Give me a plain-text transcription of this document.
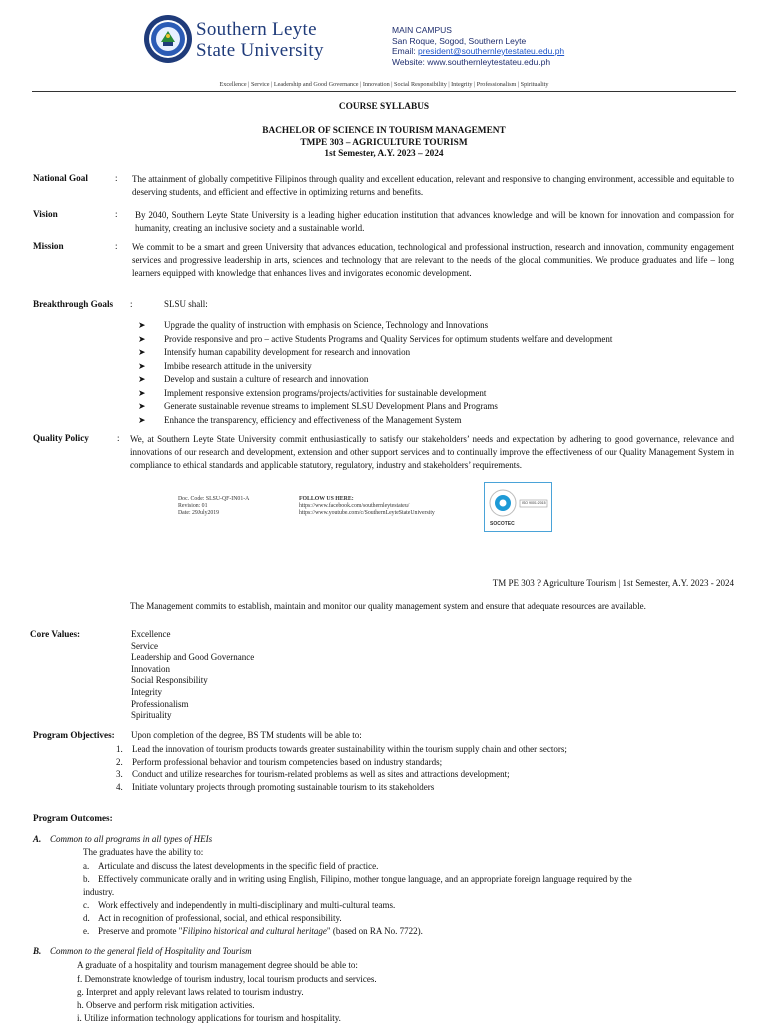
Southern Leyte
State University
MAIN CAMPUS
San Roque, Sogod, Southern Leyte
Email: president@southernleytestateu.edu.ph
Website: www.southernleytestateu.edu.ph
Excellence | Service | Leadership and Good Governance | Innovation | Social Responsibility | Integrity | Professionalism | Spirituality
COURSE SYLLABUS
BACHELOR OF SCIENCE IN TOURISM MANAGEMENT
TMPE 303 – AGRICULTURE TOURISM
1st Semester, A.Y. 2023 – 2024
National Goal	: The attainment of globally competitive Filipinos through quality and excellent education, relevant and responsive to changing environment, accessible and equitable to deserving students, and efficient and effective in optimizing returns and benefits.
Vision	: By 2040, Southern Leyte State University is a leading higher education institution that advances knowledge and will be known for innovation and compassion for humanity, creating an inclusive society and a sustainable world.
Mission	: We commit to be a smart and green University that advances education, technological and professional instruction, research and innovation, community engagement services and progressive leadership in arts, sciences and technology that are relevant to the needs of the glocal communities. We produce graduates and life – long learners equipped with knowledge that enhances lives and invigorates economic development.
Breakthrough Goals :	SLSU shall:
➤ Upgrade the quality of instruction with emphasis on Science, Technology and Innovations
➤ Provide responsive and pro – active Students Programs and Quality Services for optimum students welfare and development
➤ Intensify human capability development for research and innovation
➤ Imbibe research attitude in the university
➤ Develop and sustain a culture of research and innovation
➤ Implement responsive extension programs/projects/activities for sustainable development
➤ Generate sustainable revenue streams to implement SLSU Development Plans and Programs
➤ Enhance the transparency, efficiency and effectiveness of the Management System
Quality Policy	: We, at Southern Leyte State University commit enthusiastically to satisfy our stakeholders’ needs and expectation by adhering to good governance, relevance and innovations of our research and development, extension and other support services and to continually improve the effectiveness of our Quality Management System in compliance to ethical standards and applicable statutory, regulatory, industry and stakeholders’ requirements.
Doc. Code: SLSU-QF-IN01-A
Revision: 01
Date: 29July2019
FOLLOW US HERE:
https://www.facebook.com/southernleytestateu/
https://www.youtube.com/c/SouthernLeyteStateUniversity
ISO 9001:2015
SOCOTEC
TM PE 303 ? Agriculture Tourism | 1st Semester, A.Y. 2023 - 2024
The Management commits to establish, maintain and monitor our quality management system and ensure that adequate resources are available.
Core Values:	Excellence
Service
Leadership and Good Governance
Innovation
Social Responsibility
Integrity
Professionalism
Spirituality
Program Objectives: Upon completion of the degree, BS TM students will be able to:
1. Lead the innovation of tourism products towards greater sustainability within the tourism supply chain and other sectors;
2. Perform professional behavior and tourism competencies based on industry standards;
3. Conduct and utilize researches for tourism-related problems as well as sites and attractions development;
4. Initiate voluntary projects through promoting sustainable tourism to its stakeholders
Program Outcomes:
A. Common to all programs in all types of HEIs
The graduates have the ability to:
a. Articulate and discuss the latest developments in the specific field of practice.
b. Effectively communicate orally and in writing using English, Filipino, mother tongue language, and an appropriate foreign language required by the
industry.
c. Work effectively and independently in multi-disciplinary and multi-cultural teams.
d. Act in recognition of professional, social, and ethical responsibility.
e. Preserve and promote "Filipino historical and cultural heritage" (based on RA No. 7722).
B. Common to the general field of Hospitality and Tourism
A graduate of a hospitality and tourism management degree should be able to:
f. Demonstrate knowledge of tourism industry, local tourism products and services.
g. Interpret and apply relevant laws related to tourism industry.
h. Observe and perform risk mitigation activities.
i. Utilize information technology applications for tourism and hospitality.
